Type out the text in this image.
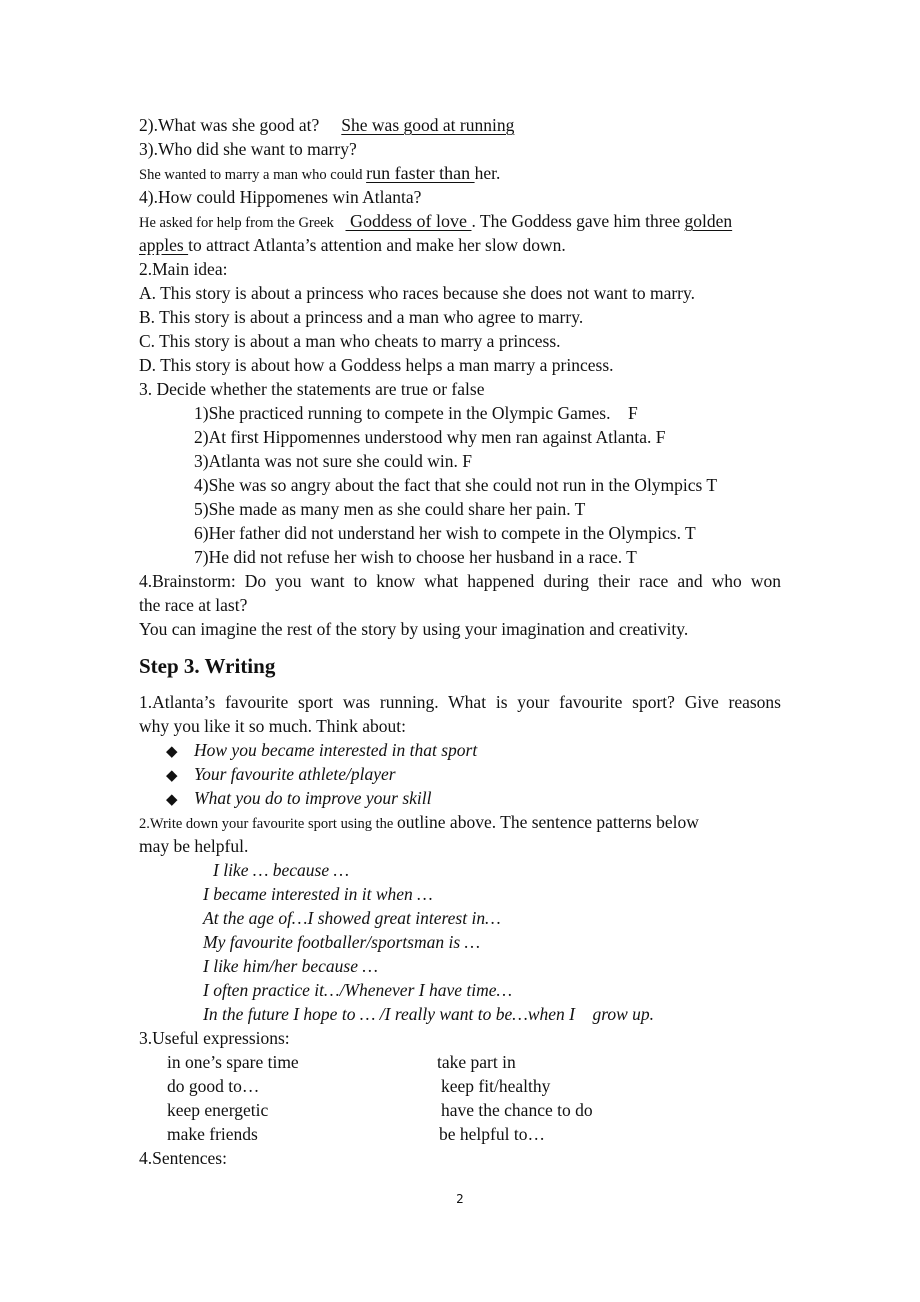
2).What was she good at? She was good at running
3).Who did she want to marry?
She wanted to marry a man who could run faster than her.
4).How could Hippomenes win Atlanta?
He asked for help from the Greek  Goddess of love . The Goddess gave him three golden
apples to attract Atlanta’s attention and make her slow down.
2.Main idea:
A. This story is about a princess who races because she does not want to marry.
B. This story is about a princess and a man who agree to marry.
C. This story is about a man who cheats to marry a princess.
D. This story is about how a Goddess helps a man marry a princess.
3. Decide whether the statements are true or false
1)She practiced running to compete in the Olympic Games.    F
2)At first Hippomennes understood why men ran against Atlanta. F
3)Atlanta was not sure she could win. F
4)She was so angry about the fact that she could not run in the Olympics T
5)She made as many men as she could share her pain. T
6)Her father did not understand her wish to compete in the Olympics. T
7)He did not refuse her wish to choose her husband in a race. T
4.Brainstorm: Do you want to know what happened during their race and who won
the race at last?
You can imagine the rest of the story by using your imagination and creativity.
Step 3. Writing
1.Atlanta’s favourite sport was running. What is your favourite sport? Give reasons
why you like it so much. Think about:
◆ How you became interested in that sport
◆ Your favourite athlete/player
◆ What you do to improve your skill
2.Write down your favourite sport using the outline above. The sentence patterns below
may be helpful.
I like … because …
I became interested in it when …
At the age of…I showed great interest in…
My favourite footballer/sportsman is …
I like him/her because …
I often practice it…/Whenever I have time…
In the future I hope to … /I really want to be…when I    grow up.
3.Useful expressions:
in one’s spare time	take part in
do good to…	keep fit/healthy
keep energetic	have the chance to do
make friends	be helpful to…
4.Sentences:
2
